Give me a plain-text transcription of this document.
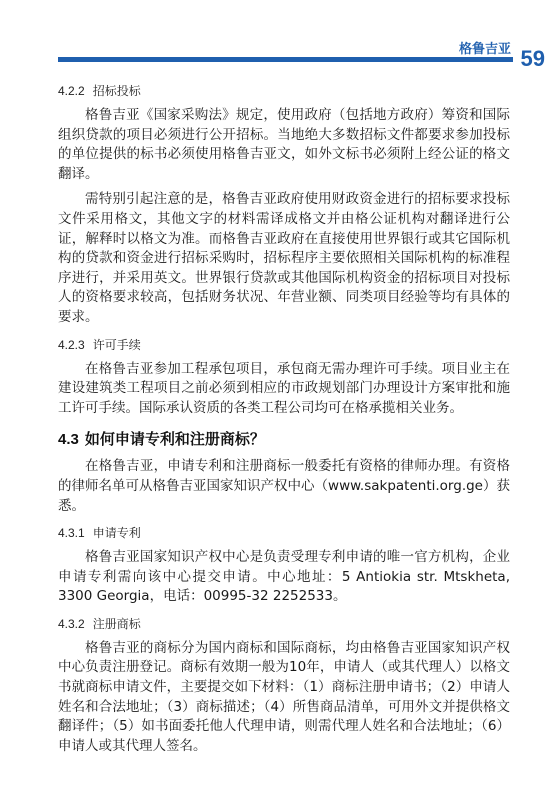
格鲁吉亚 59
4.2.2 招标投标

格鲁吉亚《国家采购法》规定，使用政府（包括地方政府）筹资和国际组织贷款的项目必须进行公开招标。当地绝大多数招标文件都要求参加投标的单位提供的标书必须使用格鲁吉亚文，如外文标书必须附上经公证的格文翻译。

需特别引起注意的是，格鲁吉亚政府使用财政资金进行的招标要求投标文件采用格文，其他文字的材料需译成格文并由格公证机构对翻译进行公证，解释时以格文为准。而格鲁吉亚政府在直接使用世界银行或其它国际机构的贷款和资金进行招标采购时，招标程序主要依照相关国际机构的标准程序进行，并采用英文。世界银行贷款或其他国际机构资金的招标项目对投标人的资格要求较高，包括财务状况、年营业额、同类项目经验等均有具体的要求。

4.2.3 许可手续

在格鲁吉亚参加工程承包项目，承包商无需办理许可手续。项目业主在建设建筑类工程项目之前必须到相应的市政规划部门办理设计方案审批和施工许可手续。国际承认资质的各类工程公司均可在格承揽相关业务。

4.3 如何申请专利和注册商标？

在格鲁吉亚，申请专利和注册商标一般委托有资格的律师办理。有资格的律师名单可从格鲁吉亚国家知识产权中心（www.sakpatenti.org.ge）获悉。

4.3.1 申请专利

格鲁吉亚国家知识产权中心是负责受理专利申请的唯一官方机构，企业申请专利需向该中心提交申请。中心地址：5 Antiokia str. Mtskheta, 3300 Georgia，电话：00995-32 2252533。

4.3.2 注册商标

格鲁吉亚的商标分为国内商标和国际商标，均由格鲁吉亚国家知识产权中心负责注册登记。商标有效期一般为10年，申请人（或其代理人）以格文书就商标申请文件，主要提交如下材料：（1）商标注册申请书；（2）申请人姓名和合法地址；（3）商标描述；（4）所售商品清单，可用外文并提供格文翻译件；（5）如书面委托他人代理申请，则需代理人姓名和合法地址；（6）申请人或其代理人签名。
